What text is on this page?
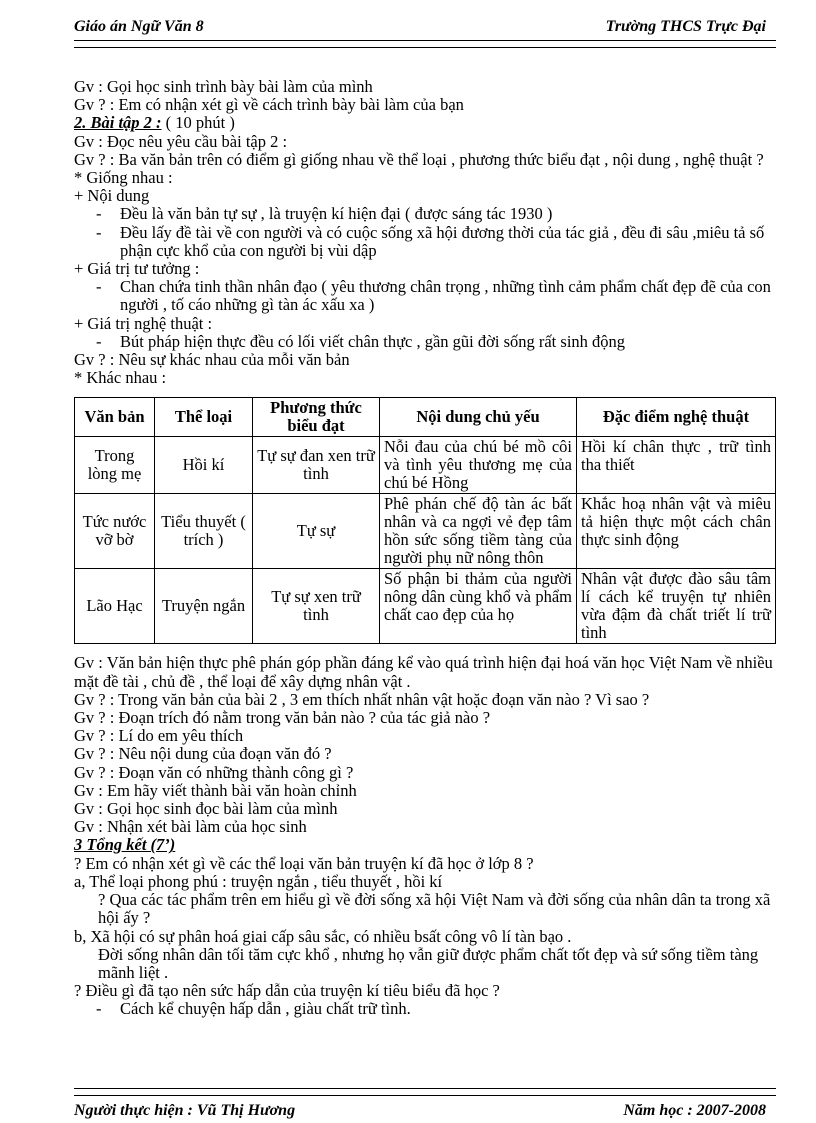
Giáo án Ngữ Văn 8	Trường THCS Trực Đại
Gv : Gọi học sinh trình bày bài làm của mình
Gv ? : Em có nhận xét gì về cách trình bày bài làm của bạn
2. Bài tập 2 : ( 10 phút )
Gv : Đọc nêu yêu cầu bài tập 2 :
Gv ? : Ba văn bản trên có điểm gì giống nhau về thể loại , phương thức biểu đạt , nội dung , nghệ thuật ?
* Giống nhau :
+ Nội dung
- Đều là văn bản tự sự , là truyện kí hiện đại ( được sáng tác 1930 )
- Đều lấy đề tài về con người và có cuộc sống xã hội đương thời của tác giả , đều đi sâu ,miêu tả số phận cực khổ của con người bị vùi dập
+ Giá trị tư tưởng :
- Chan chứa tinh thần nhân đạo ( yêu thương chân trọng , những tình cảm phẩm chất đẹp đẽ của con người , tố cáo những gì tàn ác xấu xa )
+ Giá trị nghệ thuật :
- Bút pháp hiện thực đều có lối viết chân thực , gần gũi đời sống rất sinh động
Gv ? : Nêu sự khác nhau của mỗi văn bản
* Khác nhau :
Văn bản	Thể loại	Phương thức biểu đạt	Nội dung chủ yếu	Đặc điểm nghệ thuật
Trong lòng mẹ	Hồi kí	Tự sự đan xen trữ tình	Nỗi đau của chú bé mồ côi và tình yêu thương mẹ của chú bé Hồng	Hồi kí chân thực , trữ tình tha thiết
Tức nước vỡ bờ	Tiểu thuyết ( trích )	Tự sự	Phê phán chế độ tàn ác bất nhân và ca ngợi vẻ đẹp tâm hồn sức sống tiềm tàng của người phụ nữ nông thôn	Khắc hoạ nhân vật và miêu tả hiện thực một cách chân thực sinh động
Lão Hạc	Truyện ngắn	Tự sự xen trữ tình	Số phận bi thảm của người nông dân cùng khổ và phẩm chất cao đẹp của họ	Nhân vật được đào sâu tâm lí cách kể truyện tự nhiên vừa đậm đà chất triết lí trữ tình
Gv : Văn bản hiện thực phê phán góp phần đáng kể vào quá trình hiện đại hoá văn học Việt Nam về nhiều mặt đề tài , chủ đề , thể loại để xây dựng nhân vật .
Gv ? : Trong văn bản của bài 2 , 3 em thích nhất nhân vật hoặc đoạn văn nào ? Vì sao ?
Gv ? : Đoạn trích đó nằm trong văn bản nào ? của tác giả nào ?
Gv ? : Lí do em yêu thích
Gv ? : Nêu nội dung của đoạn văn đó ?
Gv ? : Đoạn văn có những thành công gì ?
Gv : Em hãy viết thành bài văn hoàn chỉnh
Gv : Gọi học sinh đọc bài làm của mình
Gv : Nhận xét bài làm của học sinh
3 Tổng kết (7’)
? Em có nhận xét gì về các thể loại văn bản truyện kí đã học ở lớp 8 ?
a, Thể loại phong phú : truyện ngắn , tiểu thuyết , hồi kí
? Qua các tác phẩm trên em hiểu gì về đời sống xã hội Việt Nam và đời sống của nhân dân ta trong xã hội ấy ?
b, Xã hội có sự phân hoá giai cấp sâu sắc, có nhiều bsất công vô lí tàn bạo .
Đời sống nhân dân tối tăm cực khổ , nhưng họ vẫn giữ được phẩm chất tốt đẹp và sứ sống tiềm tàng mãnh liệt .
? Điều gì đã tạo nên sức hấp dẫn của truyện kí tiêu biểu đã học ?
- Cách kể chuyện hấp dẫn , giàu chất trữ tình.
Người thực hiện : Vũ Thị Hương	Năm học : 2007-2008
